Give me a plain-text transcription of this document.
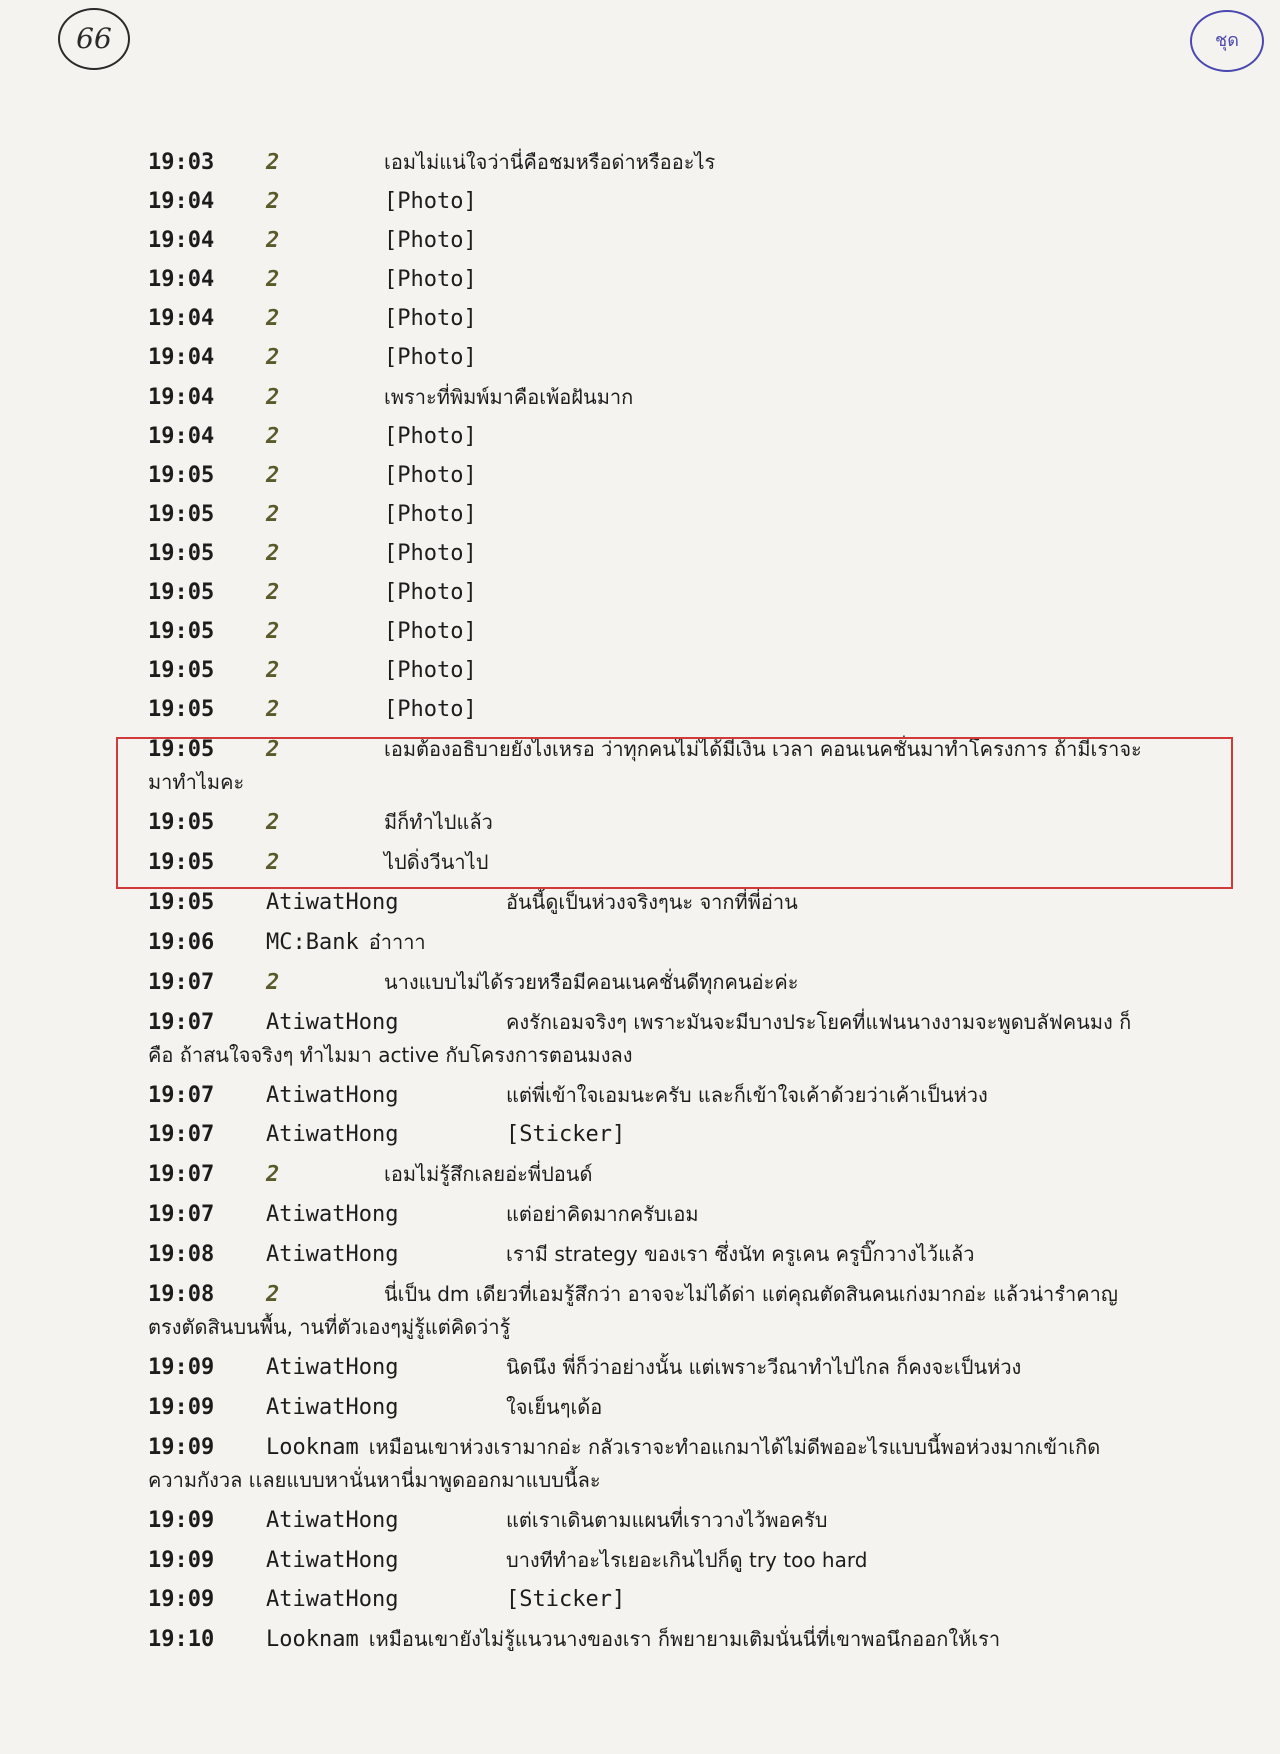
66	ชุด
19:03 2	เอมไม่แน่ใจว่านี่คือชมหรือด่าหรืออะไร
19:04 2	[Photo]
19:04 2	[Photo]
19:04 2	[Photo]
19:04 2	[Photo]
19:04 2	[Photo]
19:04 2	เพราะที่พิมพ์มาคือเพ้อฝันมาก
19:04 2	[Photo]
19:05 2	[Photo]
19:05 2	[Photo]
19:05 2	[Photo]
19:05 2	[Photo]
19:05 2	[Photo]
19:05 2	[Photo]
19:05 2	[Photo]
19:05 2	เอมต้องอธิบายยังไงเหรอ ว่าทุกคนไม่ได้มีเงิน เวลา คอนเนคชั่นมาทำโครงการ ถ้ามีเราจะมาทำไมคะ
19:05 2	มีก็ทำไปแล้ว
19:05 2	ไปดิ่งวีนาไป
19:05 AtiwatHong	อันนี้ดูเป็นห่วงจริงๆนะ จากที่พี่อ่าน
19:06 MC:Bank อ๋าาาา
19:07 2	นางแบบไม่ได้รวยหรือมีคอนเนคชั่นดีทุกคนอ่ะค่ะ
19:07 AtiwatHong	คงรักเอมจริงๆ เพราะมันจะมีบางประโยคที่แฟนนางงามจะพูดบลัฟคนมง ก็คือ ถ้าสนใจจริงๆ ทำไมมา active กับโครงการตอนมงลง
19:07 AtiwatHong	แต่พี่เข้าใจเอมนะครับ และก็เข้าใจเค้าด้วยว่าเค้าเป็นห่วง
19:07 AtiwatHong	[Sticker]
19:07 2	เอมไม่รู้สึกเลยอ่ะพี่ปอนด์
19:07 AtiwatHong	แต่อย่าคิดมากครับเอม
19:08 AtiwatHong	เรามี strategy ของเรา ซึ่งนัท ครูเคน ครูบิ๊กวางไว้แล้ว
19:08 2	นี่เป็น dm เดียวที่เอมรู้สึกว่า อาจจะไม่ได้ด่า แต่คุณตัดสินคนเก่งมากอ่ะ แล้วน่ารำคาญตรงตัดสินบนพื้น, านที่ตัวเองๆมู่รู้แต่คิดว่ารู้
19:09 AtiwatHong	นิดนึง พี่ก็ว่าอย่างนั้น แต่เพราะวีณาทำไปไกล ก็คงจะเป็นห่วง
19:09 AtiwatHong	ใจเย็นๆเด้อ
19:09 Looknam เหมือนเขาห่วงเรามากอ่ะ กลัวเราจะทำอแกมาได้ไม่ดีพออะไรแบบนี้พอห่วงมากเข้าเกิดความกังวล เเลยแบบหานั่นหานี่มาพูดออกมาแบบนี้ละ
19:09 AtiwatHong	แต่เราเดินตามแผนที่เราวางไว้พอครับ
19:09 AtiwatHong	บางทีทำอะไรเยอะเกินไปก็ดู try too hard
19:09 AtiwatHong	[Sticker]
19:10 Looknam เหมือนเขายังไม่รู้แนวนางของเรา ก็พยายามเติมนั่นนี่ที่เขาพอนึกออกให้เรา
